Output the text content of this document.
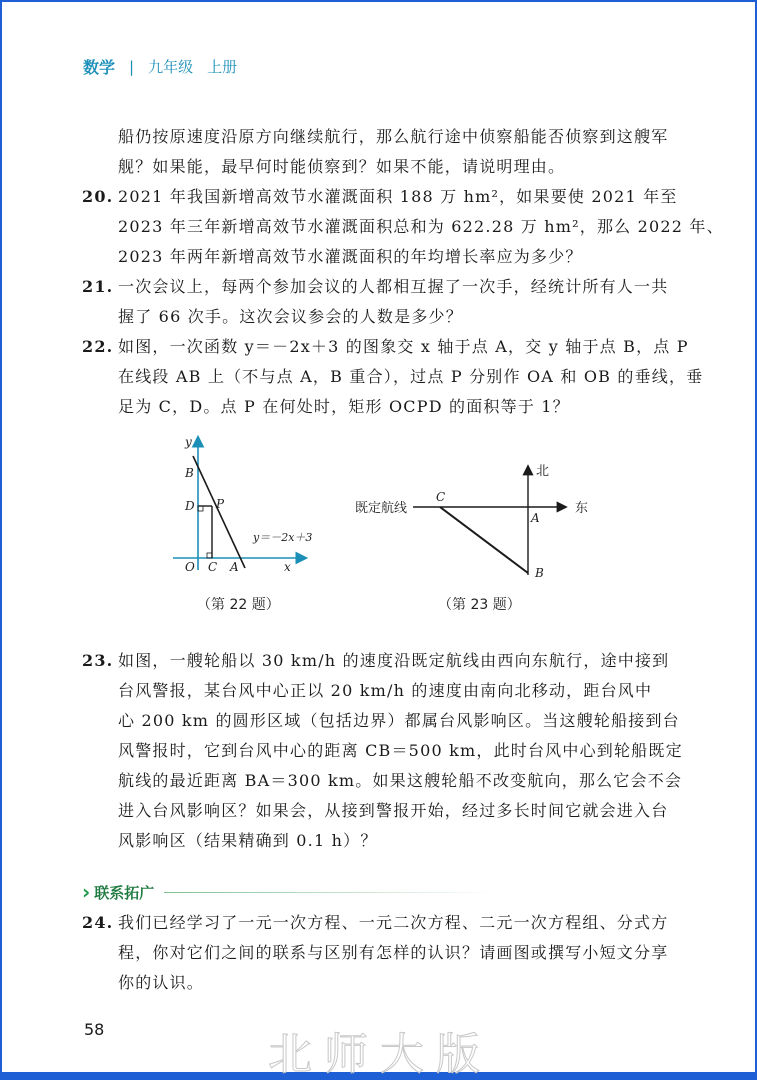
数学 | 九年级 上册
船仍按原速度沿原方向继续航行，那么航行途中侦察船能否侦察到这艘军
舰？如果能，最早何时能侦察到？如果不能，请说明理由。
20. 2021 年我国新增高效节水灌溉面积 188 万 hm²，如果要使 2021 年至
2023 年三年新增高效节水灌溉面积总和为 622.28 万 hm²，那么 2022 年、
2023 年两年新增高效节水灌溉面积的年均增长率应为多少？
21. 一次会议上，每两个参加会议的人都相互握了一次手，经统计所有人一共
握了 66 次手。这次会议参会的人数是多少？
22. 如图，一次函数 y＝－2x＋3 的图象交 x 轴于点 A，交 y 轴于点 B，点 P
在线段 AB 上（不与点 A，B 重合），过点 P 分别作 OA 和 OB 的垂线，垂
足为 C，D。点 P 在何处时，矩形 OCPD 的面积等于 1？
y
B
D P
O C A	x
y＝－2x＋3
（第 22 题）
既定航线
北
东
C
A
B
（第 23 题）
23. 如图，一艘轮船以 30 km/h 的速度沿既定航线由西向东航行，途中接到
台风警报，某台风中心正以 20 km/h 的速度由南向北移动，距台风中
心 200 km 的圆形区域（包括边界）都属台风影响区。当这艘轮船接到台
风警报时，它到台风中心的距离 CB＝500 km，此时台风中心到轮船既定
航线的最近距离 BA＝300 km。如果这艘轮船不改变航向，那么它会不会
进入台风影响区？如果会，从接到警报开始，经过多长时间它就会进入台
风影响区（结果精确到 0.1 h）？
› 联系拓广
24. 我们已经学习了一元一次方程、一元二次方程、二元一次方程组、分式方
程，你对它们之间的联系与区别有怎样的认识？请画图或撰写小短文分享
你的认识。
58	北师大版
